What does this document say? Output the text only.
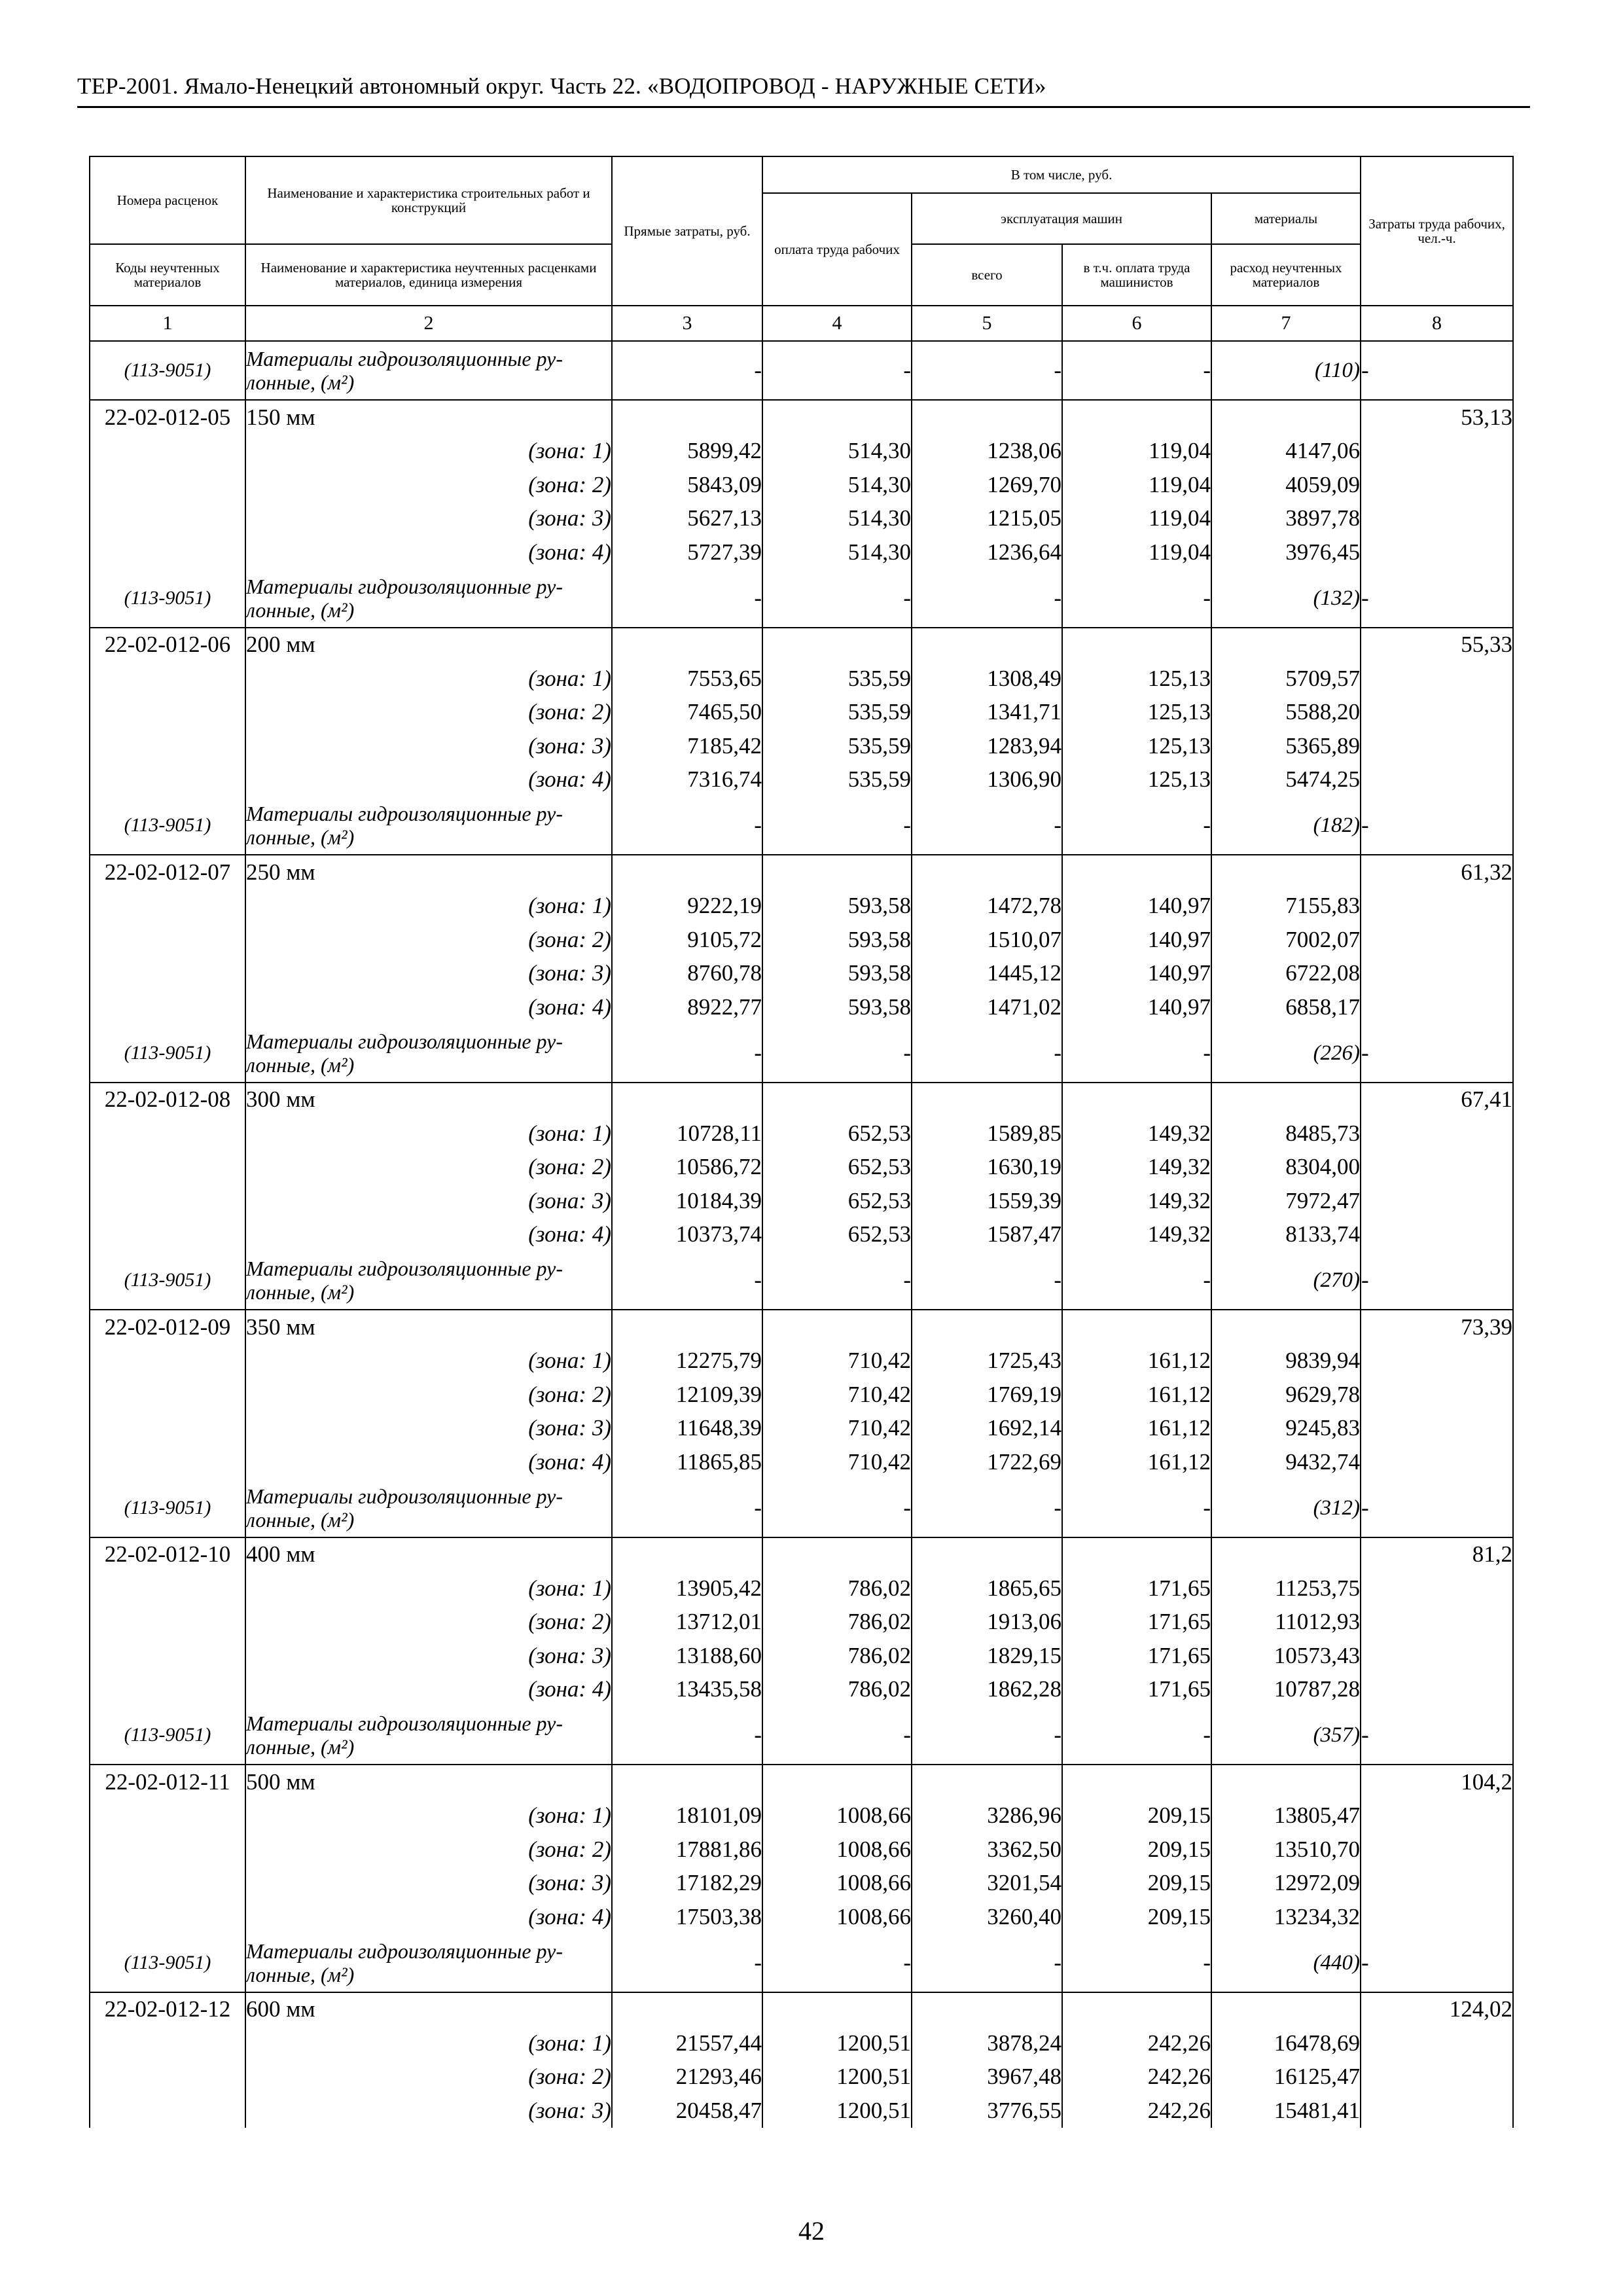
ТЕР-2001. Ямало-Ненецкий автономный округ. Часть 22. «ВОДОПРОВОД - НАРУЖНЫЕ СЕТИ»
Номера расценок	Наименование и характеристика строительных работ и конструкций	Прямые затраты, руб.	В том числе, руб.				Затраты труда рабочих, чел.-ч.
			оплата труда рабочих	эксплуатация машин		материалы	
Коды неучтенных материалов	Наименование и характеристика неучтенных расценками материалов, единица измерения			всего	в т.ч. оплата труда машинистов	расход неучтенных материалов	
1	2	3	4	5	6	7	8
(113-9051)	Материалы гидроизоляционные ру-
лонные, (м²)	-	-	-	-	(110)	-
22-02-012-05	150 мм						53,13
	(зона: 1)	5899,42	514,30	1238,06	119,04	4147,06	
	(зона: 2)	5843,09	514,30	1269,70	119,04	4059,09	
	(зона: 3)	5627,13	514,30	1215,05	119,04	3897,78	
	(зона: 4)	5727,39	514,30	1236,64	119,04	3976,45	
(113-9051)	Материалы гидроизоляционные ру-
лонные, (м²)	-	-	-	-	(132)	-
22-02-012-06	200 мм						55,33
	(зона: 1)	7553,65	535,59	1308,49	125,13	5709,57	
	(зона: 2)	7465,50	535,59	1341,71	125,13	5588,20	
	(зона: 3)	7185,42	535,59	1283,94	125,13	5365,89	
	(зона: 4)	7316,74	535,59	1306,90	125,13	5474,25	
(113-9051)	Материалы гидроизоляционные ру-
лонные, (м²)	-	-	-	-	(182)	-
22-02-012-07	250 мм						61,32
	(зона: 1)	9222,19	593,58	1472,78	140,97	7155,83	
	(зона: 2)	9105,72	593,58	1510,07	140,97	7002,07	
	(зона: 3)	8760,78	593,58	1445,12	140,97	6722,08	
	(зона: 4)	8922,77	593,58	1471,02	140,97	6858,17	
(113-9051)	Материалы гидроизоляционные ру-
лонные, (м²)	-	-	-	-	(226)	-
22-02-012-08	300 мм						67,41
	(зона: 1)	10728,11	652,53	1589,85	149,32	8485,73	
	(зона: 2)	10586,72	652,53	1630,19	149,32	8304,00	
	(зона: 3)	10184,39	652,53	1559,39	149,32	7972,47	
	(зона: 4)	10373,74	652,53	1587,47	149,32	8133,74	
(113-9051)	Материалы гидроизоляционные ру-
лонные, (м²)	-	-	-	-	(270)	-
22-02-012-09	350 мм						73,39
	(зона: 1)	12275,79	710,42	1725,43	161,12	9839,94	
	(зона: 2)	12109,39	710,42	1769,19	161,12	9629,78	
	(зона: 3)	11648,39	710,42	1692,14	161,12	9245,83	
	(зона: 4)	11865,85	710,42	1722,69	161,12	9432,74	
(113-9051)	Материалы гидроизоляционные ру-
лонные, (м²)	-	-	-	-	(312)	-
22-02-012-10	400 мм						81,2
	(зона: 1)	13905,42	786,02	1865,65	171,65	11253,75	
	(зона: 2)	13712,01	786,02	1913,06	171,65	11012,93	
	(зона: 3)	13188,60	786,02	1829,15	171,65	10573,43	
	(зона: 4)	13435,58	786,02	1862,28	171,65	10787,28	
(113-9051)	Материалы гидроизоляционные ру-
лонные, (м²)	-	-	-	-	(357)	-
22-02-012-11	500 мм						104,2
	(зона: 1)	18101,09	1008,66	3286,96	209,15	13805,47	
	(зона: 2)	17881,86	1008,66	3362,50	209,15	13510,70	
	(зона: 3)	17182,29	1008,66	3201,54	209,15	12972,09	
	(зона: 4)	17503,38	1008,66	3260,40	209,15	13234,32	
(113-9051)	Материалы гидроизоляционные ру-
лонные, (м²)	-	-	-	-	(440)	-
22-02-012-12	600 мм						124,02
	(зона: 1)	21557,44	1200,51	3878,24	242,26	16478,69	
	(зона: 2)	21293,46	1200,51	3967,48	242,26	16125,47	
	(зона: 3)	20458,47	1200,51	3776,55	242,26	15481,41	
42
